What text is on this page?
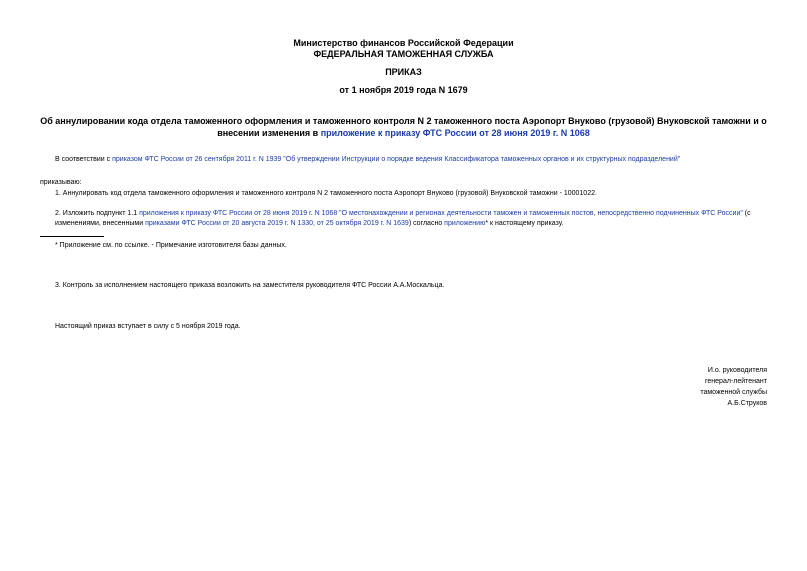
Министерство финансов Российской Федерации
ФЕДЕРАЛЬНАЯ ТАМОЖЕННАЯ СЛУЖБА
ПРИКАЗ
от 1 ноября 2019 года N 1679
Об аннулировании кода отдела таможенного оформления и таможенного контроля N 2 таможенного поста Аэропорт Внуково (грузовой) Внуковской таможни и о внесении изменения в приложение к приказу ФТС России от 28 июня 2019 г. N 1068
В соответствии с приказом ФТС России от 26 сентября 2011 г. N 1939 "Об утверждении Инструкции о порядке ведения Классификатора таможенных органов и их структурных подразделений"
приказываю:
1. Аннулировать код отдела таможенного оформления и таможенного контроля N 2 таможенного поста Аэропорт Внуково (грузовой) Внуковской таможни - 10001022.
2. Изложить подпункт 1.1 приложения к приказу ФТС России от 28 июня 2019 г. N 1068 "О местонахождении и регионах деятельности таможен и таможенных постов, непосредственно подчиненных ФТС России" (с изменениями, внесенными приказами ФТС России от 20 августа 2019 г. N 1330, от 25 октября 2019 г. N 1639) согласно приложению* к настоящему приказу.
* Приложение см. по ссылке. - Примечание изготовителя базы данных.
3. Контроль за исполнением настоящего приказа возложить на заместителя руководителя ФТС России А.А.Москальца.
Настоящий приказ вступает в силу с 5 ноября 2019 года.
И.о. руководителя
генерал-лейтенант
таможенной службы
А.Б.Струков
